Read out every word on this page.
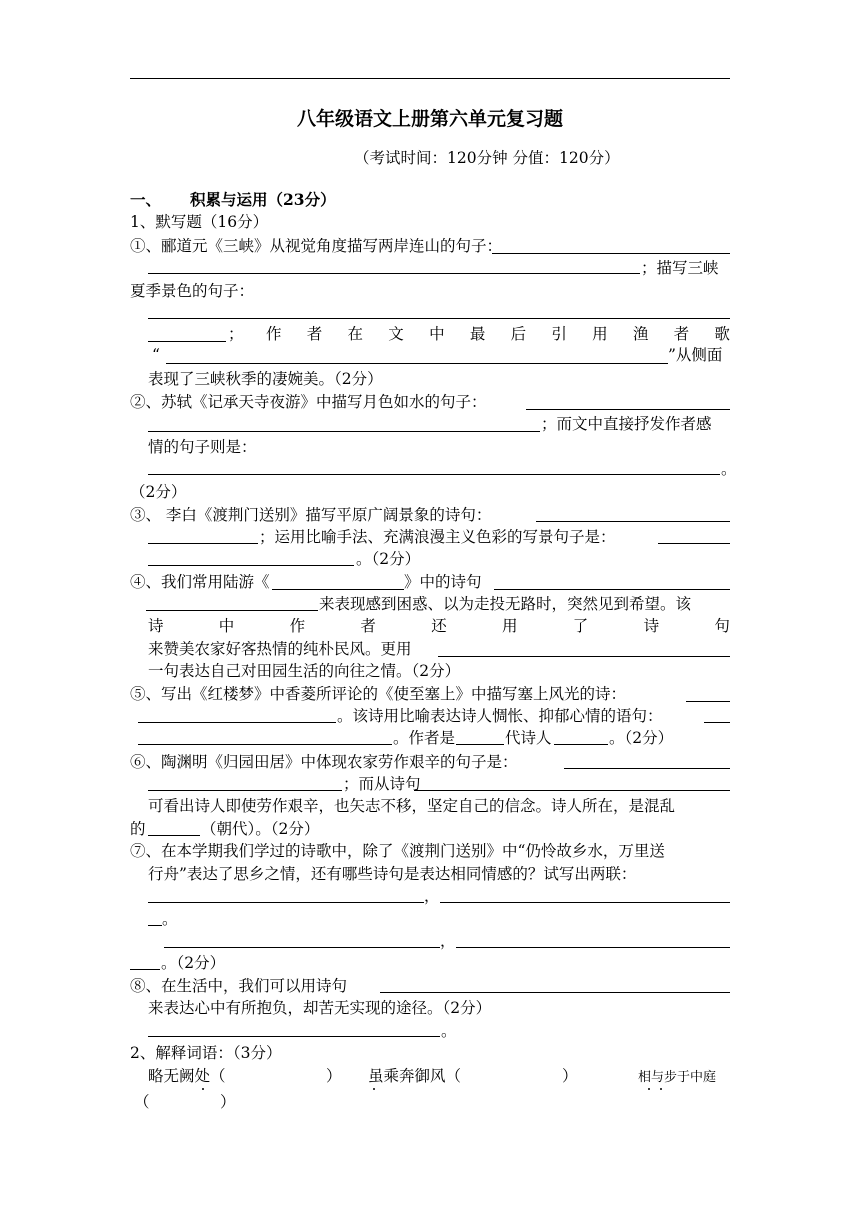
八年级语文上册第六单元复习题
（考试时间：120分钟 分值：120分）
一、 积累与运用（23分）
1、默写题（16分）
①、郦道元《三峡》从视觉角度描写两岸连山的句子：
；描写三峡
夏季景色的句子：
； 作 者 在 文 中 最 后 引 用 渔 者 歌
“	”从侧面
表现了三峡秋季的凄婉美。（2分）
②、苏轼《记承天寺夜游》中描写月色如水的句子：
；而文中直接抒发作者感
情的句子则是：
。
（2分）
③、 李白《渡荆门送别》描写平原广阔景象的诗句：
；运用比喻手法、充满浪漫主义色彩的写景句子是：
。（2分）
④、我们常用陆游《	》中的诗句
来表现感到困惑、以为走投无路时，突然见到希望。该
诗	中	作	者	还	用	了	诗	句
来赞美农家好客热情的纯朴民风。更用
一句表达自己对田园生活的向往之情。（2分）
⑤、写出《红楼梦》中香菱所评论的《使至塞上》中描写塞上风光的诗：
。该诗用比喻表达诗人惆怅、抑郁心情的语句：
。作者是	代诗人	。（2分）
⑥、陶渊明《归园田居》中体现农家劳作艰辛的句子是：
；而从诗句
可看出诗人即使劳作艰辛，也矢志不移，坚定自己的信念。诗人所在，是混乱
的	（朝代）。（2分）
⑦、在本学期我们学过的诗歌中，除了《渡荆门送别》中“仍怜故乡水，万里送
行舟”表达了思乡之情，还有哪些诗句是表达相同情感的？试写出两联：
，
。
，
。（2分）
⑧、在生活中，我们可以用诗句
来表达心中有所抱负，却苦无实现的途径。（2分）
。
2、解释词语：（3分）
略无阙处（	） 虽乘奔御风（	）	相与步于中庭
（	）
